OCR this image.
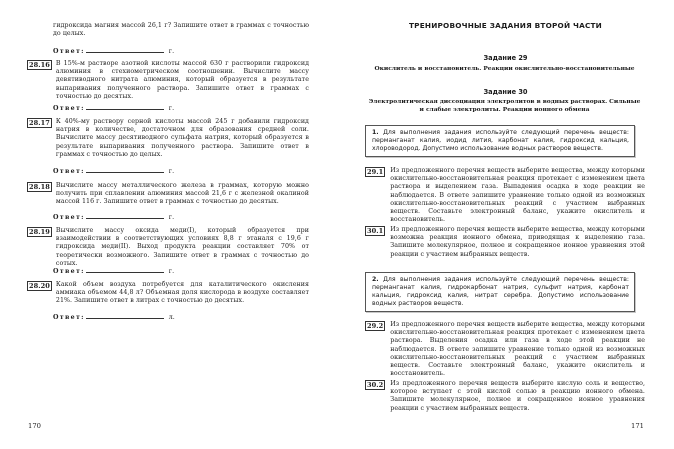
гидроксида магния массой 26,1 г? Запишите ответ в граммах с точностью до целых.
Ответ:	г.
28.16 В 15%-м растворе азотной кислоты массой 630 г растворили гидроксид алюминия в стехиометрическом соотношении. Вычислите массу девятиводного нитрата алюминия, который образуется в результате выпаривания полученного раствора. Запишите ответ в граммах с точностью до десятых.
Ответ:	г.
28.17 К 40%-му раствору серной кислоты массой 245 г добавили гидроксид натрия в количестве, достаточном для образования средней соли. Вычислите массу десятиводного сульфата натрия, который образуется в результате выпаривания полученного раствора. Запишите ответ в граммах с точностью до целых.
Ответ:	г.
28.18 Вычислите массу металлического железа в граммах, которую можно получить при сплавлении алюминия массой 21,6 г с железной окалиной массой 116 г. Запишите ответ в граммах с точностью до десятых.
Ответ:	г.
28.19 Вычислите массу оксида меди(I), который образуется при взаимодействии в соответствующих условиях 8,8 г этаналя с 19,6 г гидроксида меди(II). Выход продукта реакции составляет 70% от теоретически возможного. Запишите ответ в граммах с точностью до сотых.
Ответ:	г.
28.20 Какой объем воздуха потребуется для каталитического окисления аммиака объемом 44,8 л? Объемная доля кислорода в воздухе составляет 21%. Запишите ответ в литрах с точностью до десятых.
Ответ:	л.
170
ТРЕНИРОВОЧНЫЕ ЗАДАНИЯ ВТОРОЙ ЧАСТИ
Задание 29
Окислитель и восстановитель. Реакции окислительно-восстановительные
Задание 30
Электролитическая диссоциация электролитов в водных растворах. Сильные и слабые электролиты. Реакции ионного обмена
1. Для выполнения задания используйте следующий перечень веществ: перманганат калия, иодид лития, карбонат калия, гидроксид кальция, хлороводород. Допустимо использование водных растворов веществ.
29.1	Из предложенного перечня веществ выберите вещества, между которыми окислительно-восстановительная реакция протекает с изменением цвета раствора и выделением газа. Выпадения осадка в ходе реакции не наблюдается. В ответе запишите уравнение только одной из возможных окислительно-восстановительных реакций с участием выбранных веществ. Составьте электронный баланс, укажите окислитель и восстановитель.
30.1	Из предложенного перечня веществ выберите вещества, между которыми возможна реакция ионного обмена, приводящая к выделению газа. Запишите молекулярное, полное и сокращенное ионное уравнения этой реакции с участием выбранных веществ.
2. Для выполнения задания используйте следующий перечень веществ: перманганат калия, гидрокарбонат натрия, сульфит натрия, карбонат кальция, гидроксид калия, нитрат серебра. Допустимо использование водных растворов веществ.
29.2	Из предложенного перечня веществ выберите вещества, между которыми окислительно-восстановительная реакция протекает с изменением цвета раствора. Выделения осадка или газа в ходе этой реакции не наблюдается. В ответе запишите уравнение только одной из возможных окислительно-восстановительных реакций с участием выбранных веществ. Составьте электронный баланс, укажите окислитель и восстановитель.
30.2	Из предложенного перечня веществ выберите кислую соль и вещество, которое вступает с этой кислой солью в реакцию ионного обмена. Запишите молекулярное, полное и сокращенное ионное уравнения реакции с участием выбранных веществ.
171
